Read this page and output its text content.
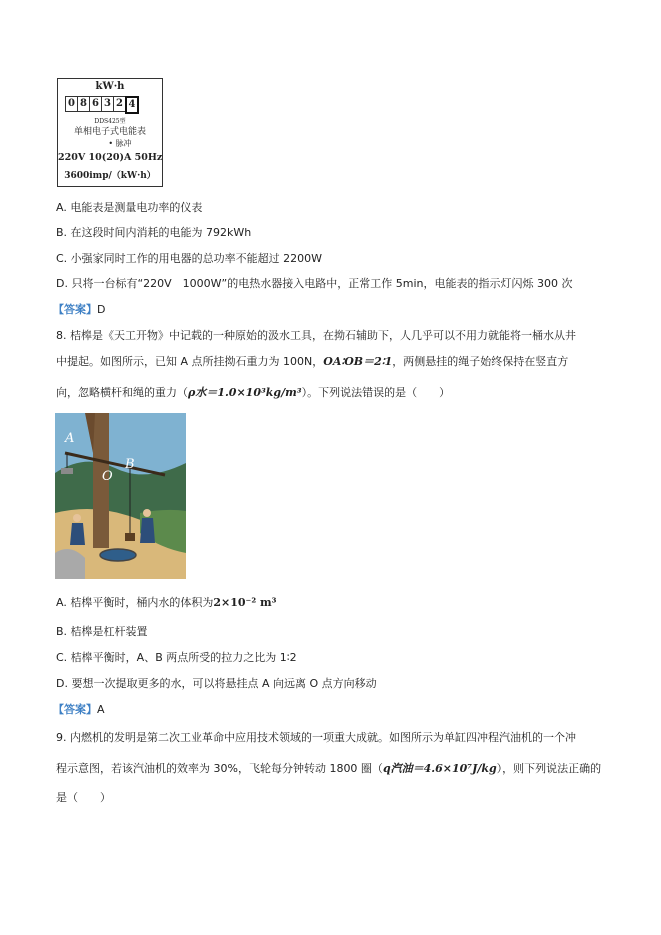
kW·h
0 8 6 3 2 4
DDS425型
单相电子式电能表
• 脉冲
220V 10(20)A 50Hz
3600imp/（kW·h）
A. 电能表是测量电功率的仪表
B. 在这段时间内消耗的电能为 792kWh
C. 小强家同时工作的用电器的总功率不能超过 2200W
D. 只将一台标有“220V　1000W”的电热水器接入电路中，正常工作 5min，电能表的指示灯闪烁 300 次
【答案】D
8. 桔槔是《天工开物》中记载的一种原始的汲水工具，在拗石辅助下，人几乎可以不用力就能将一桶水从井
中提起。如图所示，已知 A 点所挂拗石重力为 100N，OA∶OB＝2∶1，两侧悬挂的绳子始终保持在竖直方
向，忽略横杆和绳的重力（ρ水＝1.0×10³kg/m³）。下列说法错误的是（　　）
A
B
O
A. 桔槔平衡时，桶内水的体积为2×10⁻² m³
B. 桔槔是杠杆装置
C. 桔槔平衡时，A、B 两点所受的拉力之比为 1∶2
D. 要想一次提取更多的水，可以将悬挂点 A 向远离 O 点方向移动
【答案】A
9. 内燃机的发明是第二次工业革命中应用技术领域的一项重大成就。如图所示为单缸四冲程汽油机的一个冲
程示意图，若该汽油机的效率为 30%，飞轮每分钟转动 1800 圈（q汽油＝4.6×10⁷J/kg），则下列说法正确的
是（　　）
